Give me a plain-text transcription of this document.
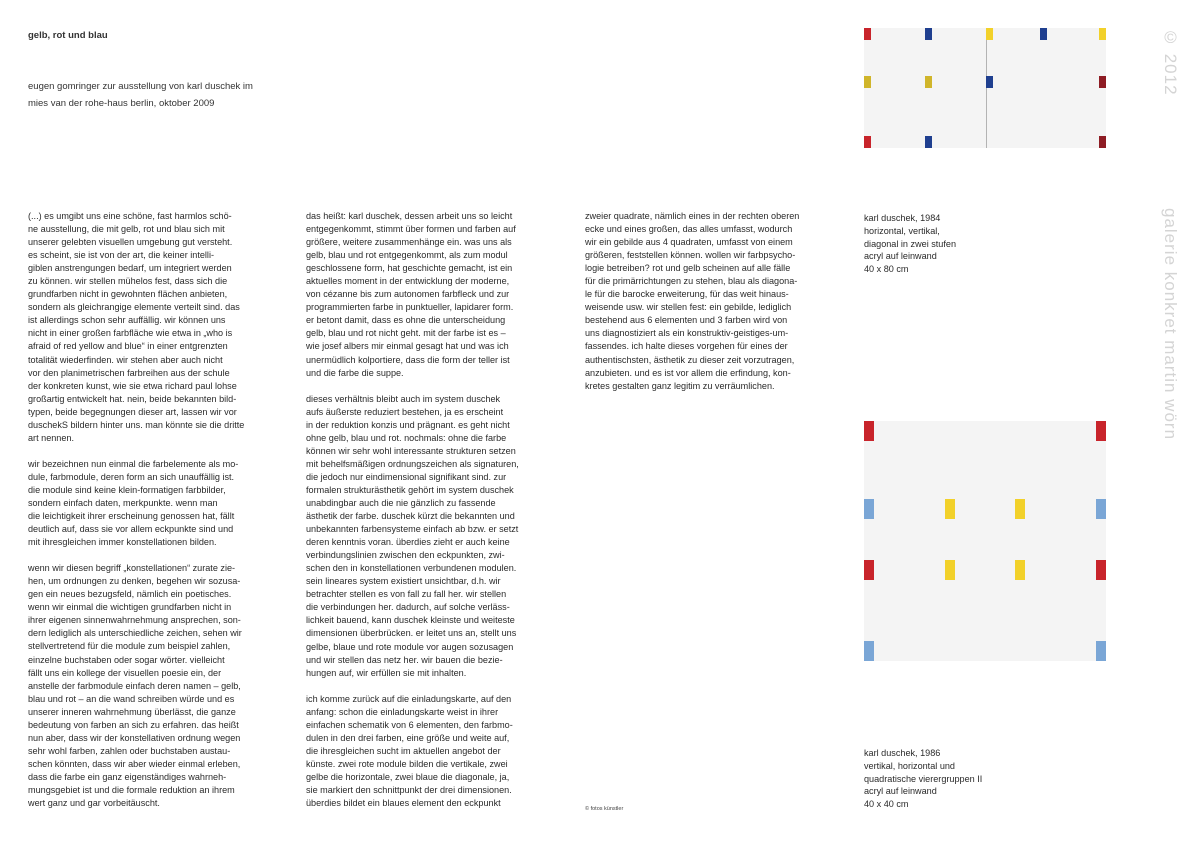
gelb, rot und blau
eugen gomringer zur ausstellung von karl duschek im
mies van der rohe-haus berlin, oktober 2009

(...) es umgibt uns eine schöne, fast harmlos schö-
ne ausstellung, die mit gelb, rot und blau sich mit
unserer gelebten visuellen umgebung gut versteht.
es scheint, sie ist von der art, die keiner intelli-
giblen anstrengungen bedarf, um integriert werden
zu können. wir stellen mühelos fest, dass sich die
grundfarben nicht in gewohnten flächen anbieten,
sondern als gleichrangige elemente verteilt sind. das
ist allerdings schon sehr auffällig. wir können uns
nicht in einer großen farbfläche wie etwa in „who is
afraid of red yellow and blue“ in einer entgrenzten
totalität wiederfinden. wir stehen aber auch nicht
vor den planimetrischen farbreihen aus der schule
der konkreten kunst, wie sie etwa richard paul lohse
großartig entwickelt hat. nein, beide bekannten bild-
typen, beide begegnungen dieser art, lassen wir vor
duschekS bildern hinter uns. man könnte sie die dritte
art nennen.

wir bezeichnen nun einmal die farbelemente als mo-
dule, farbmodule, deren form an sich unauffällig ist.
die module sind keine klein-formatigen farbbilder,
sondern einfach daten, merkpunkte. wenn man
die leichtigkeit ihrer erscheinung genossen hat, fällt
deutlich auf, dass sie vor allem eckpunkte sind und
mit ihresgleichen immer konstellationen bilden.

wenn wir diesen begriff „konstellationen“ zurate zie-
hen, um ordnungen zu denken, begehen wir sozusa-
gen ein neues bezugsfeld, nämlich ein poetisches.
wenn wir einmal die wichtigen grundfarben nicht in
ihrer eigenen sinnenwahrnehmung ansprechen, son-
dern lediglich als unterschiedliche zeichen, sehen wir
stellvertretend für die module zum beispiel zahlen,
einzelne buchstaben oder sogar wörter. vielleicht
fällt uns ein kollege der visuellen poesie ein, der
anstelle der farbmodule einfach deren namen – gelb,
blau und rot – an die wand schreiben würde und es
unserer inneren wahrnehmung überlässt, die ganze
bedeutung von farben an sich zu erfahren. das heißt
nun aber, dass wir der konstellativen ordnung wegen
sehr wohl farben, zahlen oder buchstaben austau-
schen könnten, dass wir aber wieder einmal erleben,
dass die farbe ein ganz eigenständiges wahrneh-
mungsgebiet ist und die formale reduktion an ihrem
wert ganz und gar vorbeitäuscht.

das heißt: karl duschek, dessen arbeit uns so leicht
entgegenkommt, stimmt über formen und farben auf
größere, weitere zusammenhänge ein. was uns als
gelb, blau und rot entgegenkommt, als zum modul
geschlossene form, hat geschichte gemacht, ist ein
aktuelles moment in der entwicklung der moderne,
von cézanne bis zum autonomen farbfleck und zur
programmierten farbe in punktueller, lapidarer form.
er betont damit, dass es ohne die unterscheidung
gelb, blau und rot nicht geht. mit der farbe ist es –
wie josef albers mir einmal gesagt hat und was ich
unermüdlich kolportiere, dass die form der teller ist
und die farbe die suppe.

dieses verhältnis bleibt auch im system duschek
aufs äußerste reduziert bestehen, ja es erscheint
in der reduktion konzis und prägnant. es geht nicht
ohne gelb, blau und rot. nochmals: ohne die farbe
können wir sehr wohl interessante strukturen setzen
mit behelfsmäßigen ordnungszeichen als signaturen,
die jedoch nur eindimensional signifikant sind. zur
formalen strukturästhetik gehört im system duschek
unabdingbar auch die nie gänzlich zu fassende
ästhetik der farbe. duschek kürzt die bekannten und
unbekannten farbensysteme einfach ab bzw. er setzt
deren kenntnis voran. überdies zieht er auch keine
verbindungslinien zwischen den eckpunkten, zwi-
schen den in konstellationen verbundenen modulen.
sein lineares system existiert unsichtbar, d.h. wir
betrachter stellen es von fall zu fall her. wir stellen
die verbindungen her. dadurch, auf solche verläss-
lichkeit bauend, kann duschek kleinste und weiteste
dimensionen überbrücken. er leitet uns an, stellt uns
gelbe, blaue und rote module vor augen sozusagen
und wir stellen das netz her. wir bauen die bezie-
hungen auf, wir erfüllen sie mit inhalten.

ich komme zurück auf die einladungskarte, auf den
anfang: schon die einladungskarte weist in ihrer
einfachen schematik von 6 elementen, den farbmo-
dulen in den drei farben, eine größe und weite auf,
die ihresgleichen sucht im aktuellen angebot der
künste. zwei rote module bilden die vertikale, zwei
gelbe die horizontale, zwei blaue die diagonale, ja,
sie markiert den schnittpunkt der drei dimensionen.
überdies bildet ein blaues element den eckpunkt

zweier quadrate, nämlich eines in der rechten oberen
ecke und eines großen, das alles umfasst, wodurch
wir ein gebilde aus 4 quadraten, umfasst von einem
größeren, feststellen können. wollen wir farbpsycho-
logie betreiben? rot und gelb scheinen auf alle fälle
für die primärrichtungen zu stehen, blau als diagona-
le für die barocke erweiterung, für das weit hinaus-
weisende usw. wir stellen fest: ein gebilde, lediglich
bestehend aus 6 elementen und 3 farben wird von
uns diagnostiziert als ein konstruktiv-geistiges-um-
fassendes. ich halte dieses vorgehen für eines der
authentischsten, ästhetik zu dieser zeit vorzutragen,
anzubieten. und es ist vor allem die erfindung, kon-
kretes gestalten ganz legitim zu verräumlichen.

© fotos künstler
karl duschek, 1984
horizontal, vertikal,
diagonal in zwei stufen
acryl auf leinwand
40 x 80 cm
karl duschek, 1986
vertikal, horizontal und
quadratische vierergruppen II
acryl auf leinwand
40 x 40 cm
© 2012
galerie konkret martin wörn
